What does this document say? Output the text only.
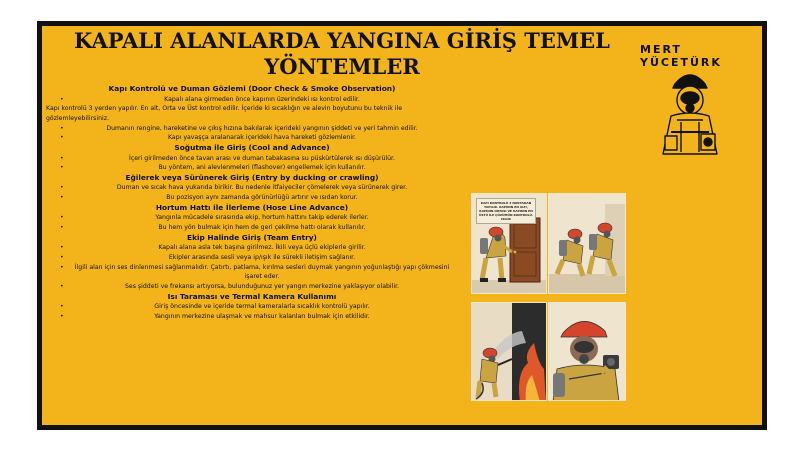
KAPALI ALANLARDA YANGINA GİRİŞ TEMEL YÖNTEMLER
MERT YÜCETÜRK
Kapı Kontrolü ve Duman Gözlemi (Door Check & Smoke Observation)
• Kapalı alana girmeden önce kapının üzerindeki ısı kontrol edilir.
Kapı kontrolü 3 yerden yapılır. En alt, Orta ve Üst kontrol edilir. İçeride ki sıcaklığın ve alevin boyutunu bu teknik ile gözlemleyebilirsiniz.
• Dumanın rengine, hareketine ve çıkış hızına bakılarak içerideki yangının şiddeti ve yeri tahmin edilir.
• Kapı yavaşça aralanarak içerideki hava hareketi gözlemlenir.
Soğutma ile Giriş (Cool and Advance)
• İçeri girilmeden önce tavan arası ve duman tabakasına su püskürtülerek ısı düşürülür.
• Bu yöntem, ani alevlenmeleri (flashover) engellemek için kullanılır.
Eğilerek veya Sürünerek Giriş (Entry by ducking or crawling)
• Duman ve sıcak hava yukarıda birikir. Bu nedenle itfaiyeciler çömelerek veya sürünerek girer.
• Bu pozisyon aynı zamanda görünürlüğü artırır ve ısıdan korur.
Hortum Hattı ile İlerleme (Hose Line Advance)
• Yangınla mücadele sırasında ekip, hortum hattını takip ederek ilerler.
• Bu hem yön bulmak için hem de geri çekilme hattı olarak kullanılır.
Ekip Halinde Giriş (Team Entry)
• Kapalı alana asla tek başına girilmez. İkili veya üçlü ekiplerle girilir.
• Ekipler arasında sesli veya ip/ışık ile sürekli iletişim sağlanır.
• İlgili alan için ses dinlenmesi sağlanmalıdır. Çatırtı, patlama, kırılma sesleri duymak yangının yoğunlaştığı yapı çökmesini işaret eder.
• Ses şiddeti ve frekansı artıyorsa, bulunduğunuz yer yangın merkezine yaklaşıyor olabilir.
Isı Taraması ve Termal Kamera Kullanımı
• Giriş öncesinde ve içeride termal kameralarla sıcaklık kontrolü yapılır.
• Yangının merkezine ulaşmak ve mahsur kalanları bulmak için etkilidir.
KAPI KONTROLÜ 3 NOKTADAN YAPILIR. KAPININ EN ALTI, KAPININ ORTASI VE KAPININ EN ÜSTÜ İLE ÇÖZÜMÜN KONTROLÜ. ISILIR
